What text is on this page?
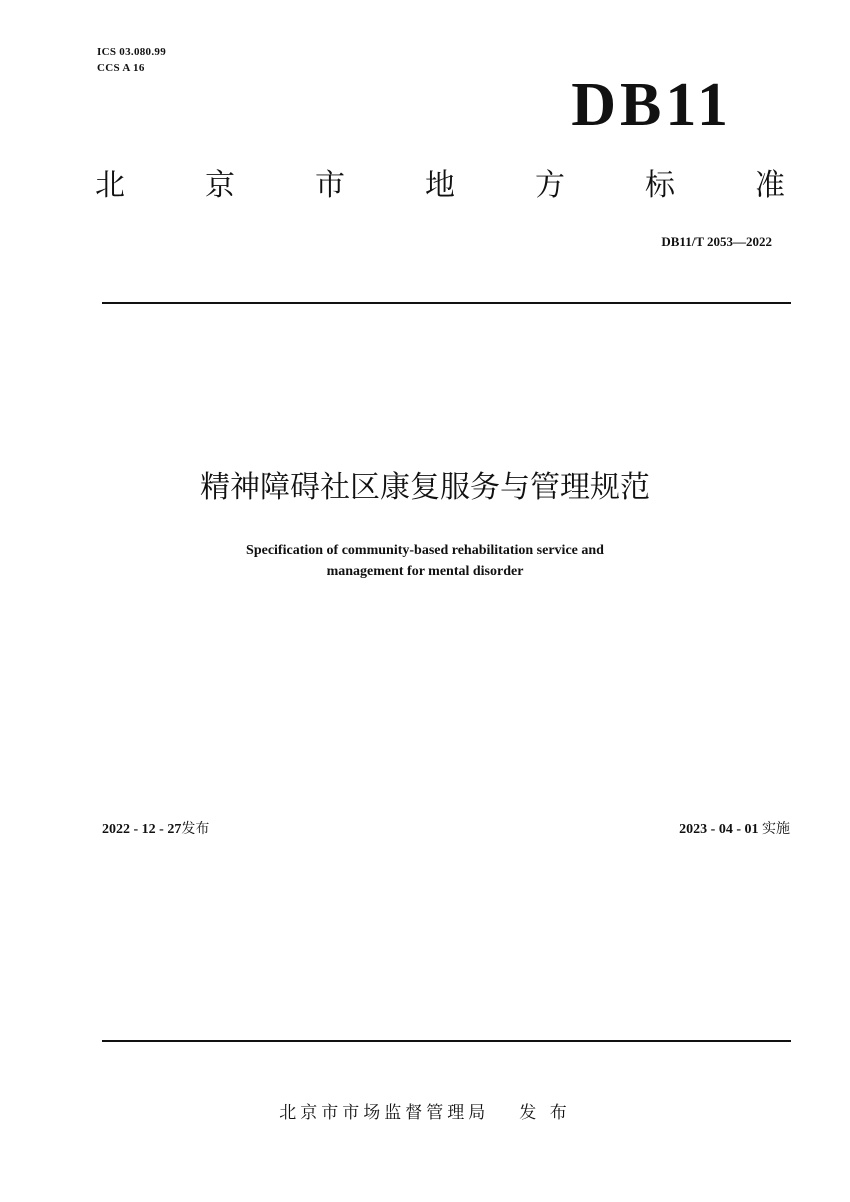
ICS 03.080.99
CCS A 16
DB11
北	京	市	地	方	标	准
DB11/T 2053—2022
精神障碍社区康复服务与管理规范
Specification of community-based rehabilitation service and
management for mental disorder
2022 - 12 - 27发布	2023 - 04 - 01 实施
北京市市场监督管理局 发 布
